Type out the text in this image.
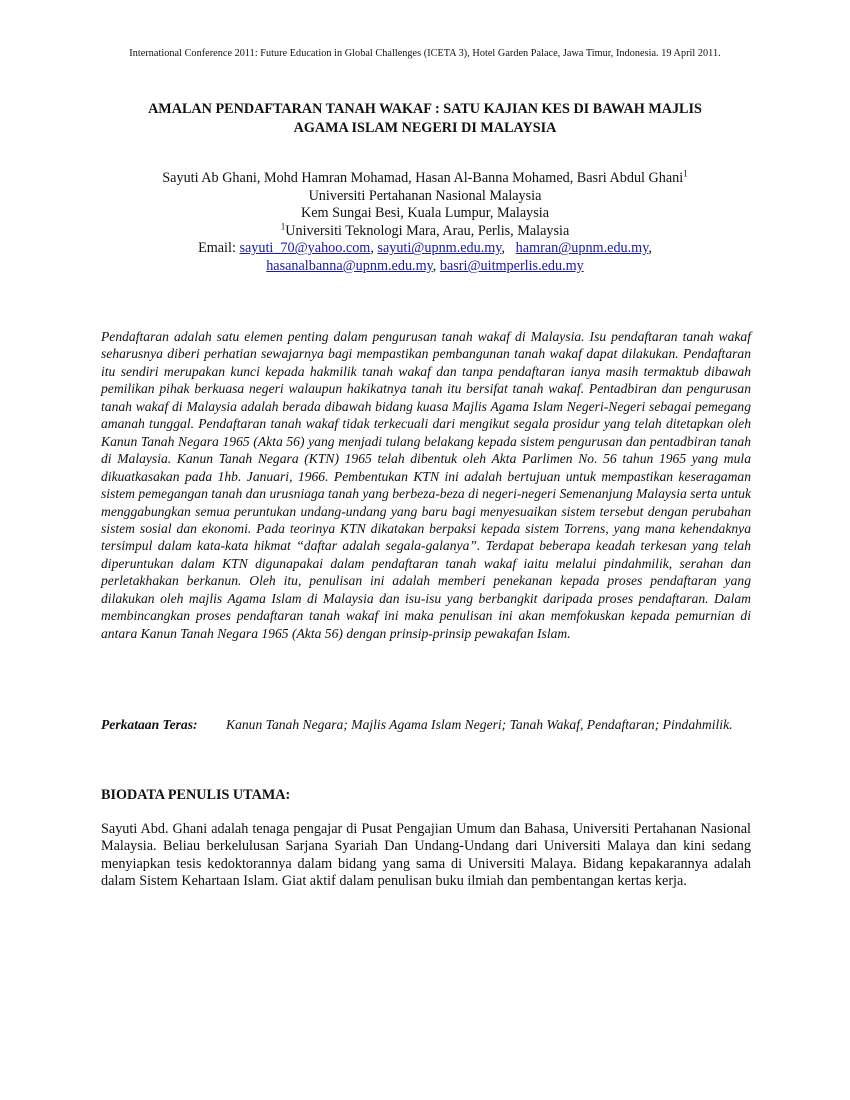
International Conference 2011: Future Education in Global Challenges (ICETA 3), Hotel Garden Palace, Jawa Timur, Indonesia. 19 April 2011.
AMALAN PENDAFTARAN TANAH WAKAF : SATU KAJIAN KES DI BAWAH MAJLIS
AGAMA ISLAM NEGERI DI MALAYSIA
Sayuti Ab Ghani, Mohd Hamran Mohamad, Hasan Al-Banna Mohamed, Basri Abdul Ghani$^1$
Universiti Pertahanan Nasional Malaysia
Kem Sungai Besi, Kuala Lumpur, Malaysia
$^1$Universiti Teknologi Mara, Arau, Perlis, Malaysia
Email: sayuti_70@yahoo.com, sayuti@upnm.edu.my,   hamran@upnm.edu.my,
hasanalbanna@upnm.edu.my, basri@uitmperlis.edu.my

Pendaftaran adalah satu elemen penting dalam pengurusan tanah wakaf di Malaysia. Isu pendaftaran tanah wakaf seharusnya diberi perhatian sewajarnya bagi mempastikan pembangunan tanah wakaf dapat dilakukan. Pendaftaran itu sendiri merupakan kunci kepada hakmilik tanah wakaf dan tanpa pendaftaran ianya masih termaktub dibawah pemilikan pihak berkuasa negeri walaupun hakikatnya tanah itu bersifat tanah wakaf. Pentadbiran dan pengurusan tanah wakaf di Malaysia adalah berada dibawah bidang kuasa Majlis Agama Islam Negeri-Negeri sebagai pemegang amanah tunggal. Pendaftaran tanah wakaf tidak terkecuali dari mengikut segala prosidur yang telah ditetapkan oleh Kanun Tanah Negara 1965 (Akta 56) yang menjadi tulang belakang kepada sistem pengurusan dan pentadbiran tanah di Malaysia. Kanun Tanah Negara (KTN) 1965 telah dibentuk oleh Akta Parlimen No. 56 tahun 1965 yang mula dikuatkasakan pada 1hb. Januari, 1966. Pembentukan KTN ini adalah bertujuan untuk mempastikan keseragaman sistem pemegangan tanah dan urusniaga tanah yang berbeza-beza di negeri-negeri Semenanjung Malaysia serta untuk menggabungkan semua peruntukan undang-undang yang baru bagi menyesuaikan sistem tersebut dengan perubahan sistem sosial dan ekonomi. Pada teorinya KTN dikatakan berpaksi kepada sistem Torrens, yang mana kehendaknya tersimpul dalam kata-kata hikmat “daftar adalah segala-galanya”. Terdapat beberapa keadah terkesan yang telah diperuntukan dalam KTN digunapakai dalam pendaftaran tanah wakaf iaitu melalui pindahmilik, serahan dan perletakhakan berkanun. Oleh itu, penulisan ini adalah memberi penekanan kepada proses pendaftaran yang dilakukan oleh majlis Agama Islam di Malaysia dan isu-isu yang berbangkit daripada proses pendaftaran. Dalam membincangkan proses pendaftaran tanah wakaf ini maka penulisan ini akan memfokuskan kepada pemurnian di antara Kanun Tanah Negara 1965 (Akta 56) dengan prinsip-prinsip pewakafan Islam.

Perkataan Teras: Kanun Tanah Negara; Majlis Agama Islam Negeri; Tanah Wakaf, Pendaftaran; Pindahmilik.
BIODATA PENULIS UTAMA:

Sayuti Abd. Ghani adalah tenaga pengajar di Pusat Pengajian Umum dan Bahasa, Universiti Pertahanan Nasional Malaysia. Beliau berkelulusan Sarjana Syariah Dan Undang-Undang dari Universiti Malaya dan kini sedang menyiapkan tesis kedoktorannya dalam bidang yang sama di Universiti Malaya. Bidang kepakarannya adalah dalam Sistem Kehartaan Islam. Giat aktif dalam penulisan buku ilmiah dan pembentangan kertas kerja.
